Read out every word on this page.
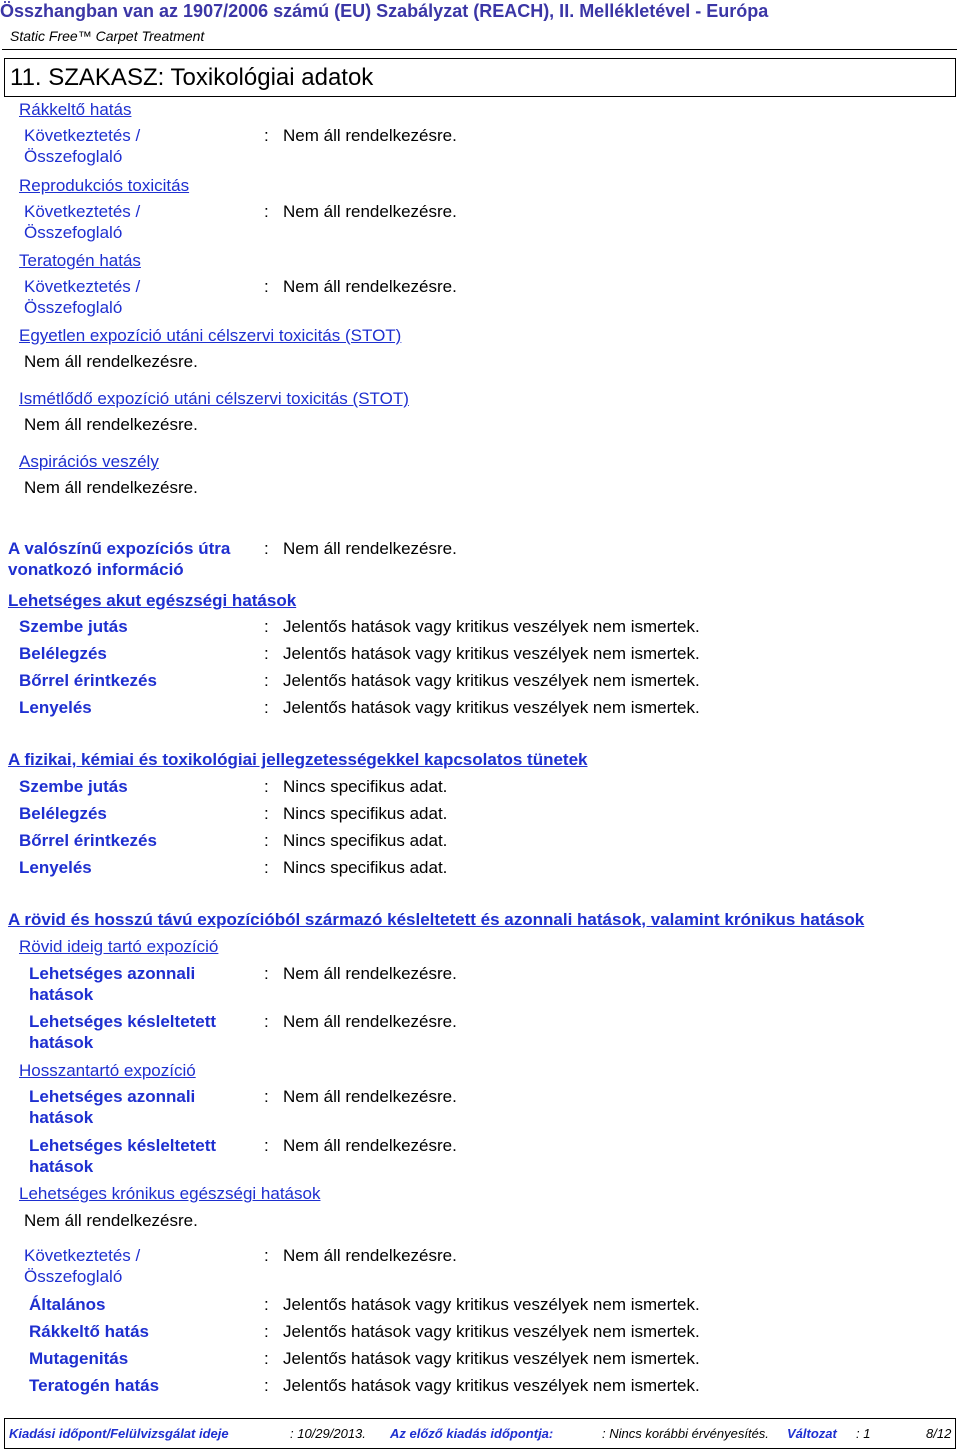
Összhangban van az 1907/2006 számú (EU) Szabályzat (REACH), II. Mellékletével - Európa
Static Free™ Carpet Treatment
11. SZAKASZ: Toxikológiai adatok
Rákkeltő hatás
Következtetés / Összefoglaló
: Nem áll rendelkezésre.
Reprodukciós toxicitás
Következtetés / Összefoglaló
: Nem áll rendelkezésre.
Teratogén hatás
Következtetés / Összefoglaló
: Nem áll rendelkezésre.
Egyetlen expozíció utáni célszervi toxicitás (STOT)
Nem áll rendelkezésre.
Ismétlődő expozíció utáni célszervi toxicitás (STOT)
Nem áll rendelkezésre.
Aspirációs veszély
Nem áll rendelkezésre.
A valószínű expozíciós útra vonatkozó információ
: Nem áll rendelkezésre.
Lehetséges akut egészségi hatások
Szembe jutás	: Jelentős hatások vagy kritikus veszélyek nem ismertek.
Belélegzés	: Jelentős hatások vagy kritikus veszélyek nem ismertek.
Bőrrel érintkezés	: Jelentős hatások vagy kritikus veszélyek nem ismertek.
Lenyelés	: Jelentős hatások vagy kritikus veszélyek nem ismertek.
A fizikai, kémiai és toxikológiai jellegzetességekkel kapcsolatos tünetek
Szembe jutás	: Nincs specifikus adat.
Belélegzés	: Nincs specifikus adat.
Bőrrel érintkezés	: Nincs specifikus adat.
Lenyelés	: Nincs specifikus adat.
A rövid és hosszú távú expozícióból származó késleltetett és azonnali hatások, valamint krónikus hatások
Rövid ideig tartó expozíció
Lehetséges azonnali hatások
: Nem áll rendelkezésre.
Lehetséges késleltetett hatások
: Nem áll rendelkezésre.
Hosszantartó expozíció
Lehetséges azonnali hatások
: Nem áll rendelkezésre.
Lehetséges késleltetett hatások
: Nem áll rendelkezésre.
Lehetséges krónikus egészségi hatások
Nem áll rendelkezésre.
Következtetés / Összefoglaló
: Nem áll rendelkezésre.
Általános	: Jelentős hatások vagy kritikus veszélyek nem ismertek.
Rákkeltő hatás	: Jelentős hatások vagy kritikus veszélyek nem ismertek.
Mutagenitás	: Jelentős hatások vagy kritikus veszélyek nem ismertek.
Teratogén hatás	: Jelentős hatások vagy kritikus veszélyek nem ismertek.
Kiadási időpont/Felülvizsgálat ideje	: 10/29/2013. Az előző kiadás időpontja:	: Nincs korábbi érvényesítés. Változat : 1	8/12
